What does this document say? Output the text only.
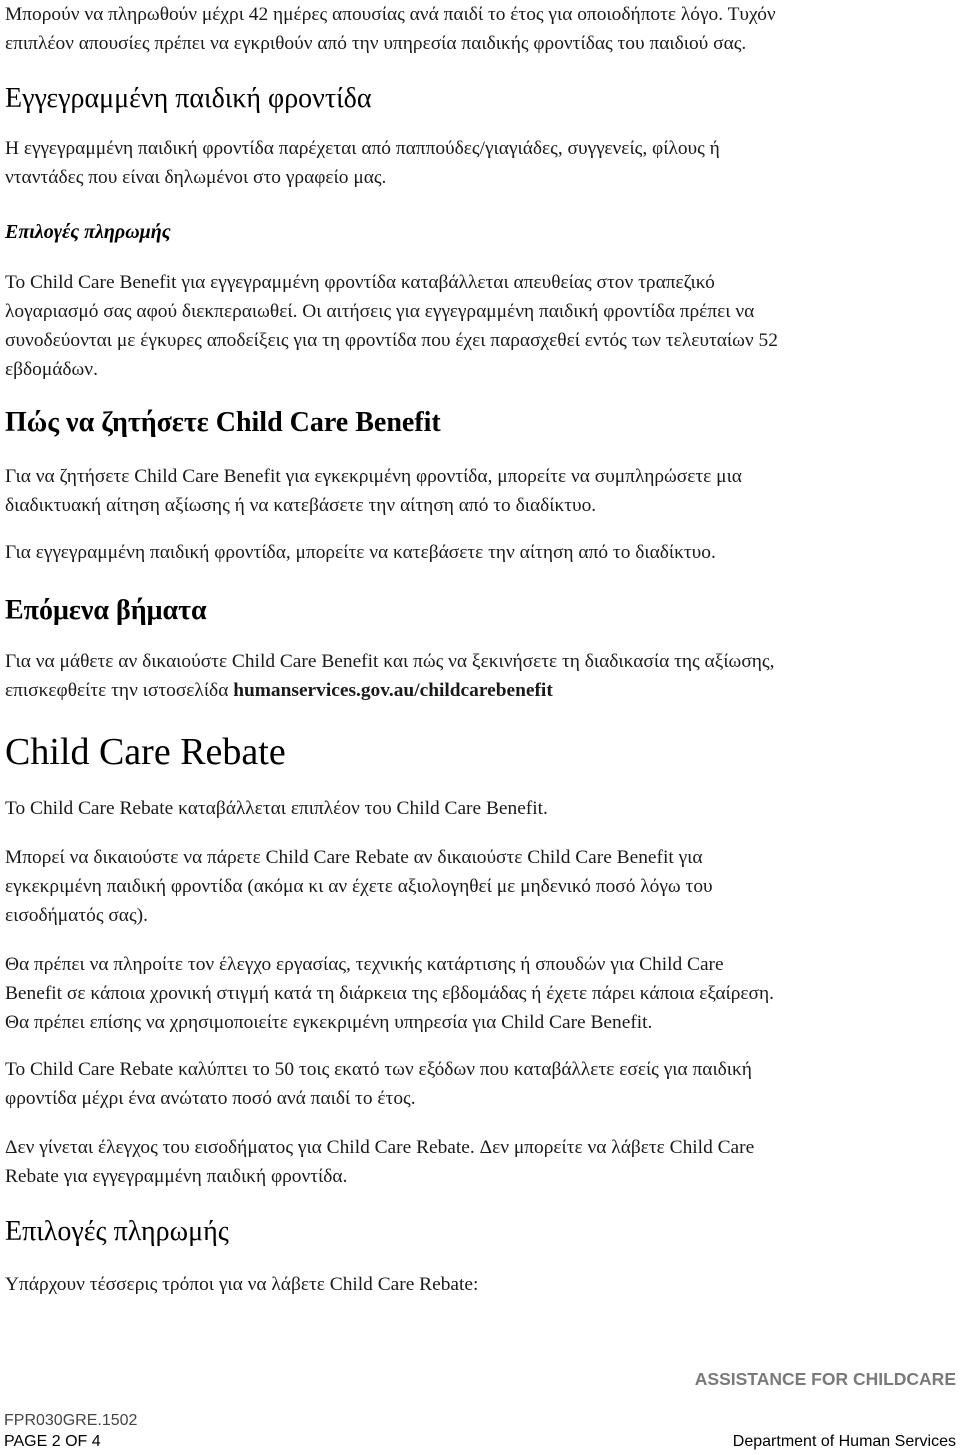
Μπορούν να πληρωθούν μέχρι 42 ημέρες απουσίας ανά παιδί το έτος για οποιοδήποτε λόγο. Τυχόν

επιπλέον απουσίες πρέπει να εγκριθούν από την υπηρεσία παιδικής φροντίδας του παιδιού σας.

Εγγεγραμμένη παιδική φροντίδα

Η εγγεγραμμένη παιδική φροντίδα παρέχεται από παππούδες/γιαγιάδες, συγγενείς, φίλους ή

νταντάδες που είναι δηλωμένοι στο γραφείο μας.

Επιλογές πληρωμής

Το Child Care Benefit για εγγεγραμμένη φροντίδα καταβάλλεται απευθείας στον τραπεζικό

λογαριασμό σας αφού διεκπεραιωθεί. Οι αιτήσεις για εγγεγραμμένη παιδική φροντίδα πρέπει να

συνοδεύονται με έγκυρες αποδείξεις για τη φροντίδα που έχει παρασχεθεί εντός των τελευταίων 52

εβδομάδων.

Πώς να ζητήσετε Child Care Benefit

Για να ζητήσετε Child Care Benefit για εγκεκριμένη φροντίδα, μπορείτε να συμπληρώσετε μια

διαδικτυακή αίτηση αξίωσης ή να κατεβάσετε την αίτηση από το διαδίκτυο.

Για εγγεγραμμένη παιδική φροντίδα, μπορείτε να κατεβάσετε την αίτηση από το διαδίκτυο.

Επόμενα βήματα

Για να μάθετε αν δικαιούστε Child Care Benefit και πώς να ξεκινήσετε τη διαδικασία της αξίωσης,

επισκεφθείτε την ιστοσελίδα humanservices.gov.au/childcarebenefit

Child Care Rebate

Το Child Care Rebate καταβάλλεται επιπλέον του Child Care Benefit.

Μπορεί να δικαιούστε να πάρετε Child Care Rebate αν δικαιούστε Child Care Benefit για

εγκεκριμένη παιδική φροντίδα (ακόμα κι αν έχετε αξιολογηθεί με μηδενικό ποσό λόγω του

εισοδήματός σας).

Θα πρέπει να πληροίτε τον έλεγχο εργασίας, τεχνικής κατάρτισης ή σπουδών για Child Care

Benefit σε κάποια χρονική στιγμή κατά τη διάρκεια της εβδομάδας ή έχετε πάρει κάποια εξαίρεση.

Θα πρέπει επίσης να χρησιμοποιείτε εγκεκριμένη υπηρεσία για Child Care Benefit.

Το Child Care Rebate καλύπτει το 50 τοις εκατό των εξόδων που καταβάλλετε εσείς για παιδική

φροντίδα μέχρι ένα ανώτατο ποσό ανά παιδί το έτος.

Δεν γίνεται έλεγχος του εισοδήματος για Child Care Rebate. Δεν μπορείτε να λάβετε Child Care

Rebate για εγγεγραμμένη παιδική φροντίδα.

Επιλογές πληρωμής

Υπάρχουν τέσσερις τρόποι για να λάβετε Child Care Rebate:

ASSISTANCE FOR CHILDCARE
FPR030GRE.1502
PAGE 2 OF 4	Department of Human Services
